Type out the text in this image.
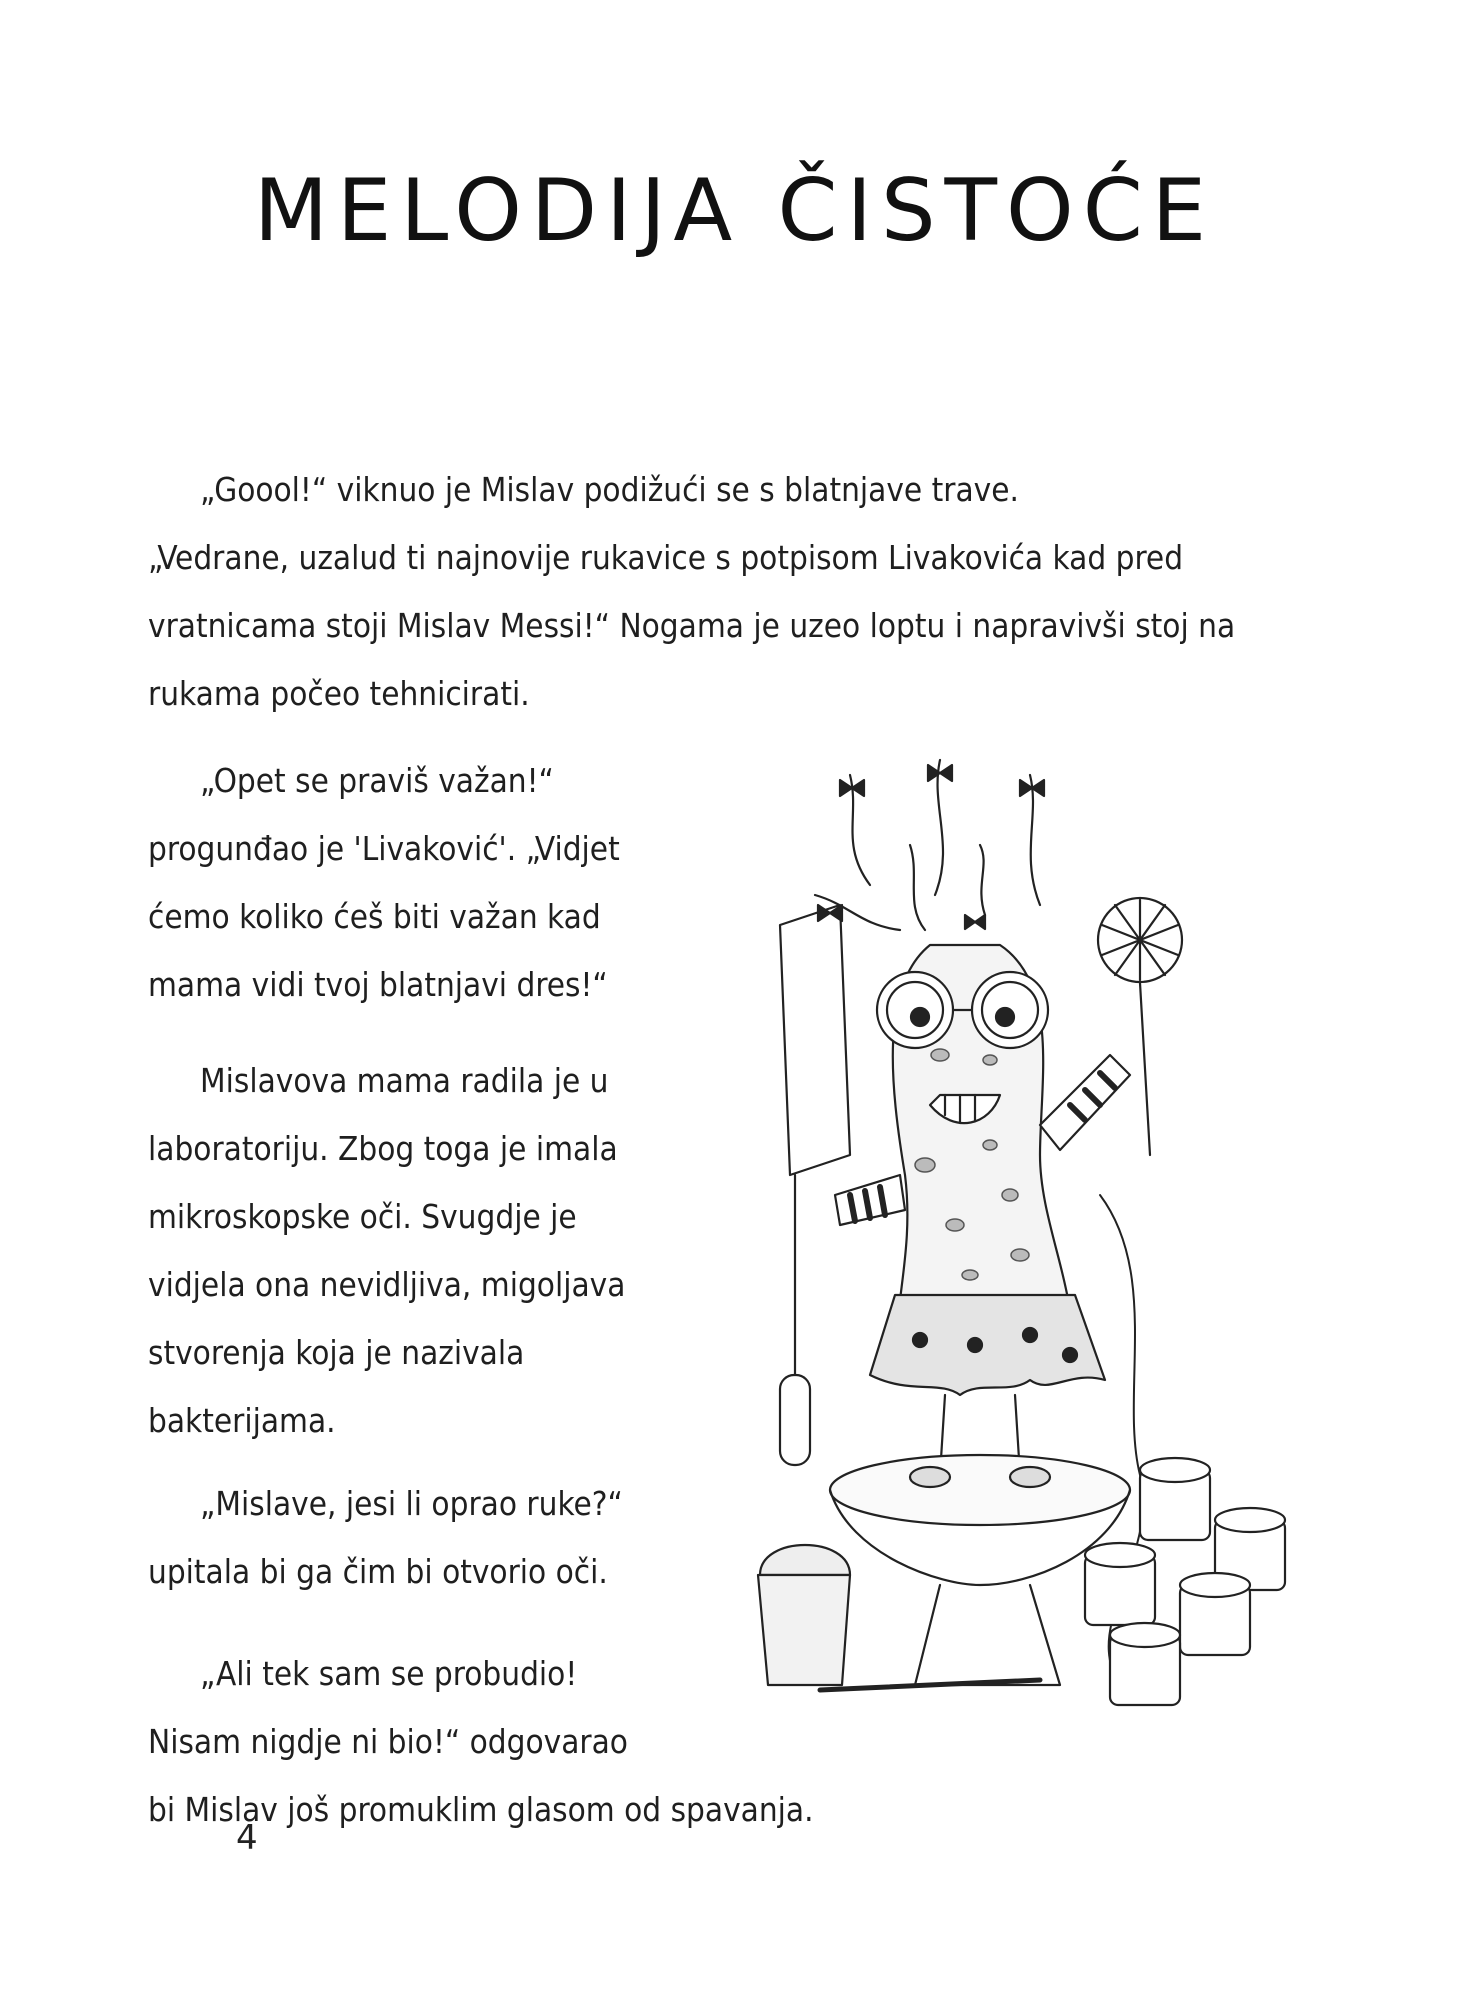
MELODIJA ČISTOĆE
„Goool!“ viknuo je Mislav podižući se s blatnjave trave.
„Vedrane, uzalud ti najnovije rukavice s potpisom Livakovića kad pred
vratnicama stoji Mislav Messi!“ Nogama je uzeo loptu i napravivši stoj na
rukama počeo tehnicirati.
„Opet se praviš važan!“
progunđao je 'Livaković'. „Vidjet
ćemo koliko ćeš biti važan kad
mama vidi tvoj blatnjavi dres!“
Mislavova mama radila je u
laboratoriju. Zbog toga je imala
mikroskopske oči. Svugdje je
vidjela ona nevidljiva, migoljava
stvorenja koja je nazivala
bakterijama.
„Mislave, jesi li oprao ruke?“
upitala bi ga čim bi otvorio oči.
„Ali tek sam se probudio!
Nisam nigdje ni bio!“ odgovarao
bi Mislav još promuklim glasom od spavanja.
4
